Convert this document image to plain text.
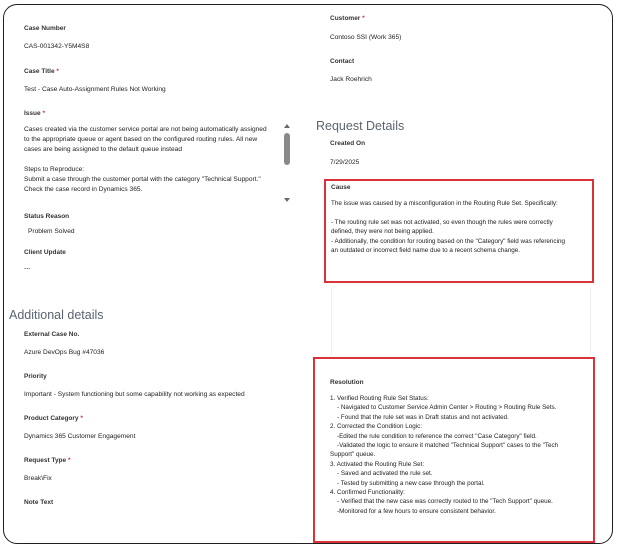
Case Number
CAS-001342-Y5M4S8
Case Title *
Test - Case Auto-Assignment Rules Not Working
Issue *
Cases created via the customer service portal are not being automatically assigned
to the appropriate queue or agent based on the configured routing rules. All new
cases are being assigned to the default queue instead

Steps to Reproduce:
Submit a case through the customer portal with the category "Technical Support."
Check the case record in Dynamics 365.
Status Reason
Problem Solved
Client Update
---
Additional details
External Case No.
Azure DevOps Bug #47036
Priority
Important - System functioning but some capability not working as expected
Product Category *
Dynamics 365 Customer Engagement
Request Type *
Break\Fix
Note Text
Customer *
Contoso SSI (Work 365)
Contact
Jack Roehrich
Request Details
Created On
7/29/2025
Cause
The issue was caused by a misconfiguration in the Routing Rule Set. Specifically:

- The routing rule set was not activated, so even though the rules were correctly
defined, they were not being applied.
- Additionally, the condition for routing based on the "Category" field was referencing
an outdated or incorrect field name due to a recent schema change.
Resolution
1. Verified Routing Rule Set Status:
- Navigated to Customer Service Admin Center > Routing > Routing Rule Sets.
- Found that the rule set was in Draft status and not activated.
2. Corrected the Condition Logic:
-Edited the rule condition to reference the correct "Case Category" field.
-Validated the logic to ensure it matched "Technical Support" cases to the "Tech
Support" queue.
3. Activated the Routing Rule Set:
- Saved and activated the rule set.
- Tested by submitting a new case through the portal.
4. Confirmed Functionality:
- Verified that the new case was correctly routed to the "Tech Support" queue.
-Monitored for a few hours to ensure consistent behavior.
